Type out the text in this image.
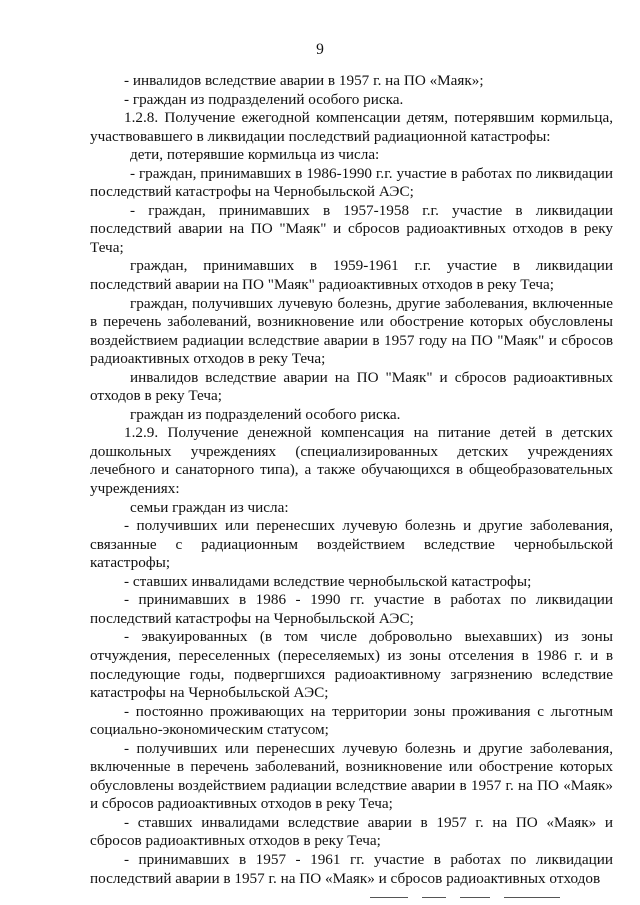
9

- инвалидов вследствие аварии в 1957 г. на ПО «Маяк»;

- граждан из подразделений особого риска.

1.2.8. Получение ежегодной компенсации детям, потерявшим кормильца, участвовавшего в ликвидации последствий радиационной катастрофы:

дети, потерявшие кормильца из числа:

- граждан, принимавших в 1986-1990 г.г. участие в работах по ликвидации последствий катастрофы на Чернобыльской АЭС;

- граждан, принимавших в 1957-1958 г.г. участие в ликвидации последствий аварии на ПО "Маяк" и сбросов радиоактивных отходов в реку Теча;

граждан, принимавших в 1959-1961 г.г. участие в ликвидации последствий аварии на ПО "Маяк" радиоактивных отходов в реку Теча;

граждан, получивших лучевую болезнь, другие заболевания, включенные в перечень заболеваний, возникновение или обострение которых обусловлены воздействием радиации вследствие аварии в 1957 году на ПО "Маяк" и сбросов радиоактивных отходов в реку Теча;

инвалидов вследствие аварии на ПО "Маяк" и сбросов радиоактивных отходов в реку Теча;

граждан из подразделений особого риска.

1.2.9. Получение денежной компенсация на питание детей в детских дошкольных учреждениях (специализированных детских учреждениях лечебного и санаторного типа), а также обучающихся в общеобразовательных учреждениях:

семьи граждан из числа:

- получивших или перенесших лучевую болезнь и другие заболевания, связанные с радиационным воздействием вследствие чернобыльской катастрофы;

- ставших инвалидами вследствие чернобыльской катастрофы;

- принимавших в 1986 - 1990 гг. участие в работах по ликвидации последствий катастрофы на Чернобыльской АЭС;

- эвакуированных (в том числе добровольно выехавших) из зоны отчуждения, переселенных (переселяемых) из зоны отселения в 1986 г. и в последующие годы, подвергшихся радиоактивному загрязнению вследствие катастрофы на Чернобыльской АЭС;

- постоянно проживающих на территории зоны проживания с льготным социально-экономическим статусом;

- получивших или перенесших лучевую болезнь и другие заболевания, включенные в перечень заболеваний, возникновение или обострение которых обусловлены воздействием радиации вследствие аварии в 1957 г. на ПО «Маяк» и сбросов радиоактивных отходов в реку Теча;

- ставших инвалидами вследствие аварии в 1957 г. на ПО «Маяк» и сбросов радиоактивных отходов в реку Теча;

- принимавших в 1957 - 1961 гг. участие в работах по ликвидации последствий аварии в 1957 г. на ПО «Маяк» и сбросов радиоактивных отходов
